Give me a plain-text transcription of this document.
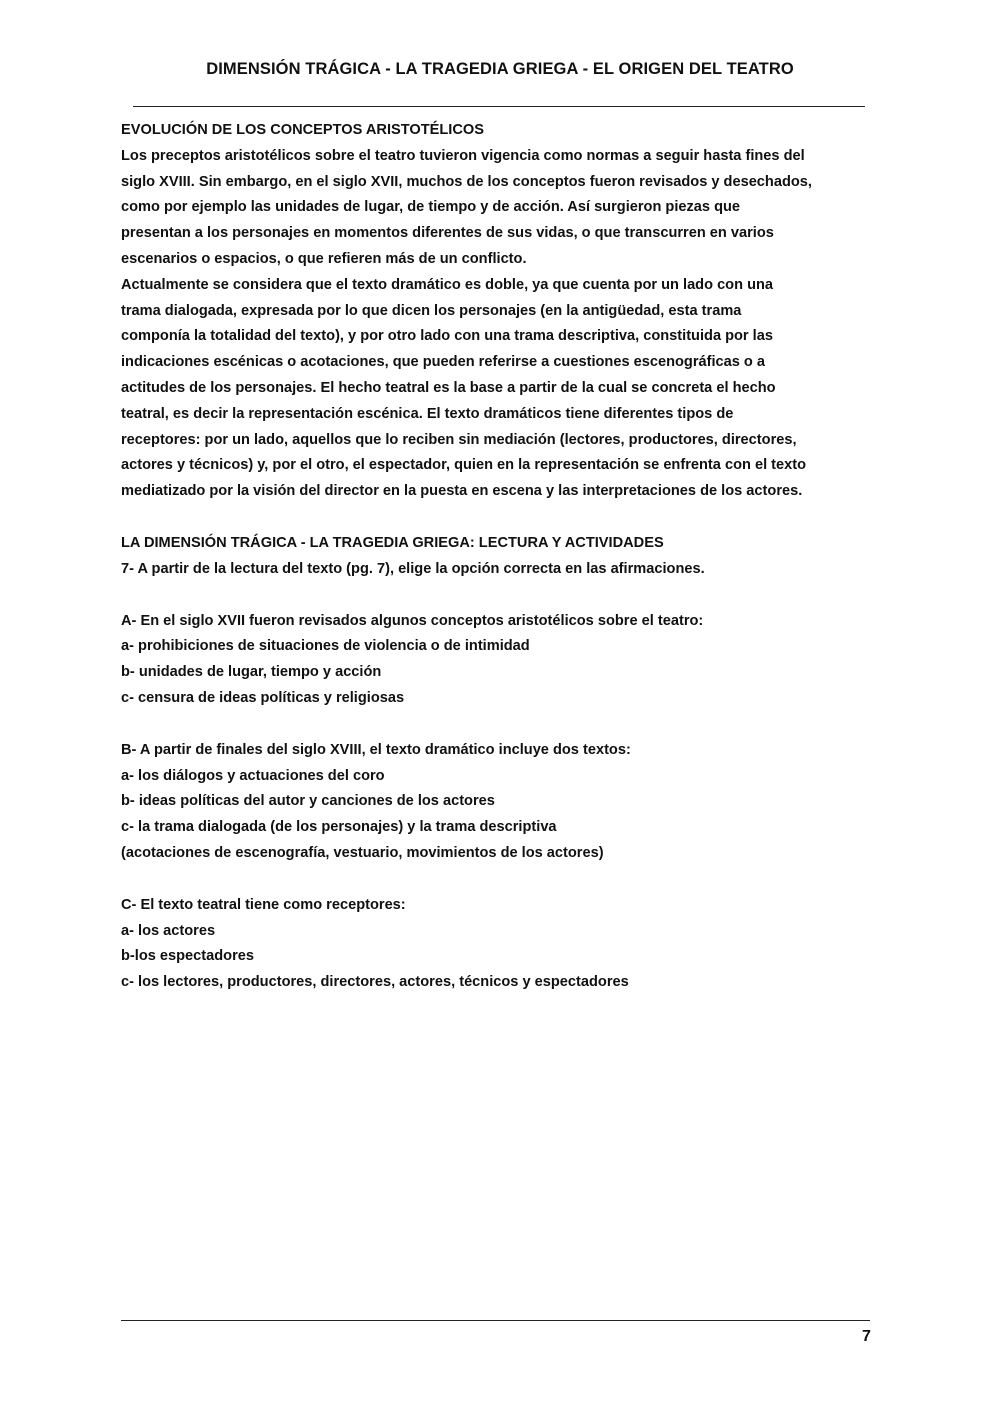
DIMENSIÓN TRÁGICA - LA TRAGEDIA GRIEGA - EL ORIGEN DEL TEATRO
EVOLUCIÓN DE LOS CONCEPTOS ARISTOTÉLICOS
Los preceptos aristotélicos sobre el teatro tuvieron vigencia como normas a seguir hasta fines del
siglo XVIII. Sin embargo, en el siglo XVII, muchos de los conceptos fueron revisados y desechados,
como por ejemplo las unidades de lugar, de tiempo y de acción. Así surgieron piezas que
presentan a los personajes en momentos diferentes de sus vidas, o que transcurren en varios
escenarios o espacios, o que refieren más de un conflicto.
Actualmente se considera que el texto dramático es doble, ya que cuenta por un lado con una
trama dialogada, expresada por lo que dicen los personajes (en la antigüedad, esta trama
componía la totalidad del texto), y por otro lado con una trama descriptiva, constituida por las
indicaciones escénicas o acotaciones, que pueden referirse a cuestiones escenográficas o a
actitudes de los personajes. El hecho teatral es la base a partir de la cual se concreta el hecho
teatral, es decir la representación escénica. El texto dramáticos tiene diferentes tipos de
receptores: por un lado, aquellos que lo reciben sin mediación (lectores, productores, directores,
actores y técnicos) y, por el otro, el espectador, quien en la representación se enfrenta con el texto
mediatizado por la visión del director en la puesta en escena y las interpretaciones de los actores.
LA DIMENSIÓN TRÁGICA - LA TRAGEDIA GRIEGA: LECTURA Y ACTIVIDADES
7- A partir de la lectura del texto (pg. 7), elige la opción correcta en las afirmaciones.
A- En el siglo XVII fueron revisados algunos conceptos aristotélicos sobre el teatro:
a- prohibiciones de situaciones de violencia o de intimidad
b- unidades de lugar, tiempo y acción
c- censura de ideas políticas y religiosas
B- A partir de finales del siglo XVIII, el texto dramático incluye dos textos:
a- los diálogos y actuaciones del coro
b- ideas políticas del autor y canciones de los actores
c- la trama dialogada (de los personajes) y la trama descriptiva
(acotaciones de escenografía, vestuario, movimientos de los actores)
C- El texto teatral tiene como receptores:
a- los actores
b-los espectadores
c- los lectores, productores, directores, actores, técnicos y espectadores
7
